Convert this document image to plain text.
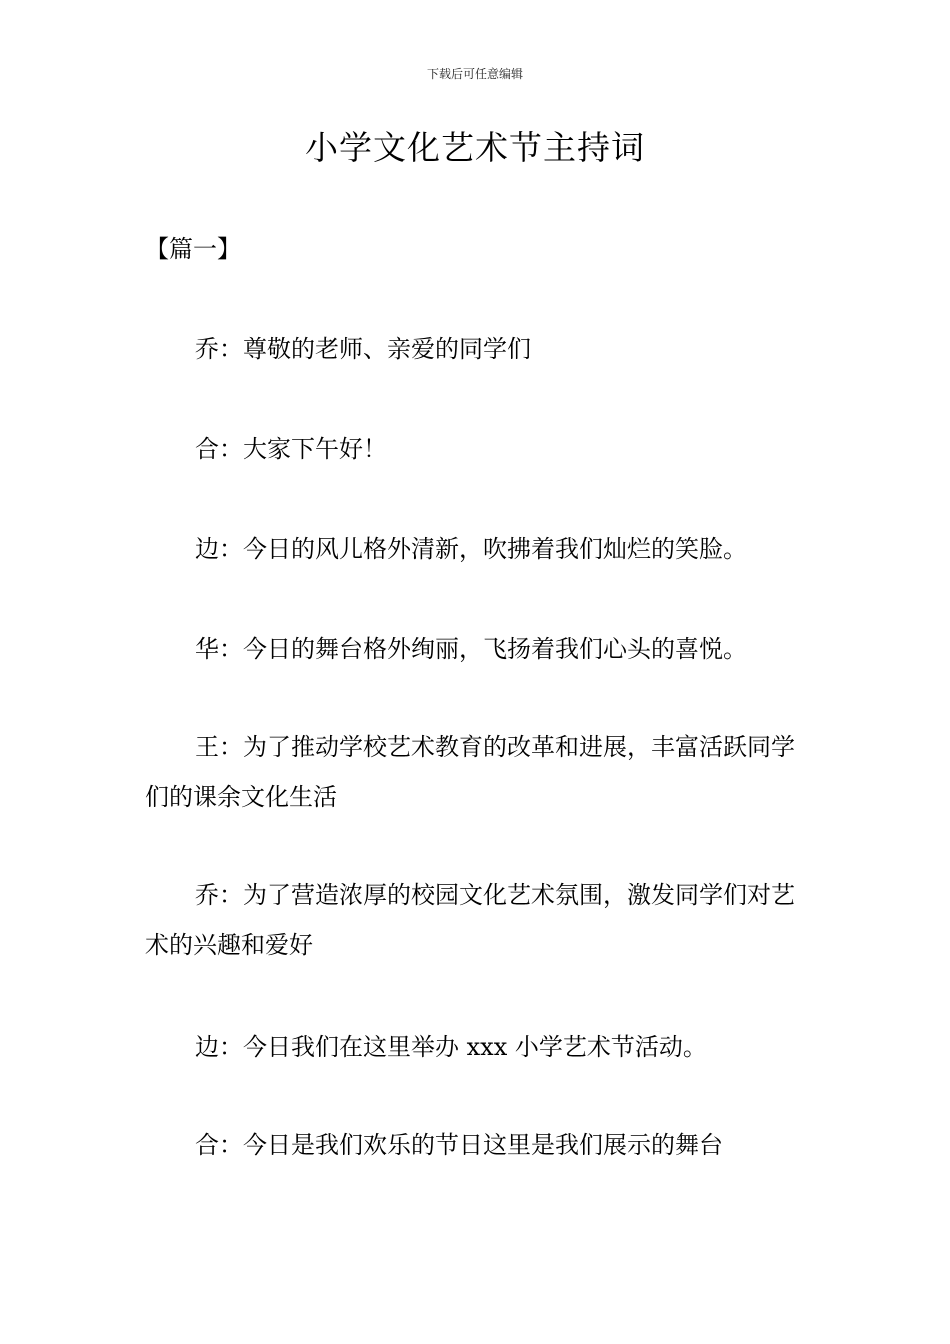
下载后可任意编辑
小学文化艺术节主持词
【篇一】

乔：尊敬的老师、亲爱的同学们

合：大家下午好！

边：今日的风儿格外清新，吹拂着我们灿烂的笑脸。

华：今日的舞台格外绚丽，飞扬着我们心头的喜悦。

王：为了推动学校艺术教育的改革和进展，丰富活跃同学们的课余文化生活

乔：为了营造浓厚的校园文化艺术氛围，激发同学们对艺术的兴趣和爱好

边：今日我们在这里举办 xxx 小学艺术节活动。

合：今日是我们欢乐的节日这里是我们展示的舞台
